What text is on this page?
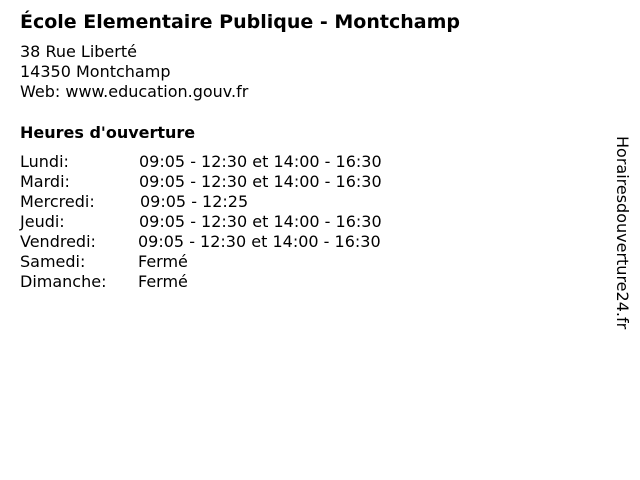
École Elementaire Publique - Montchamp
38 Rue Liberté
14350 Montchamp
Web: www.education.gouv.fr
Heures d'ouverture
Lundi:	09:05 - 12:30 et 14:00 - 16:30
Mardi:	09:05 - 12:30 et 14:00 - 16:30
Mercredi:	09:05 - 12:25
Jeudi:	09:05 - 12:30 et 14:00 - 16:30
Vendredi:	09:05 - 12:30 et 14:00 - 16:30
Samedi:	Fermé
Dimanche: Fermé	Horairesdouverture24.fr
